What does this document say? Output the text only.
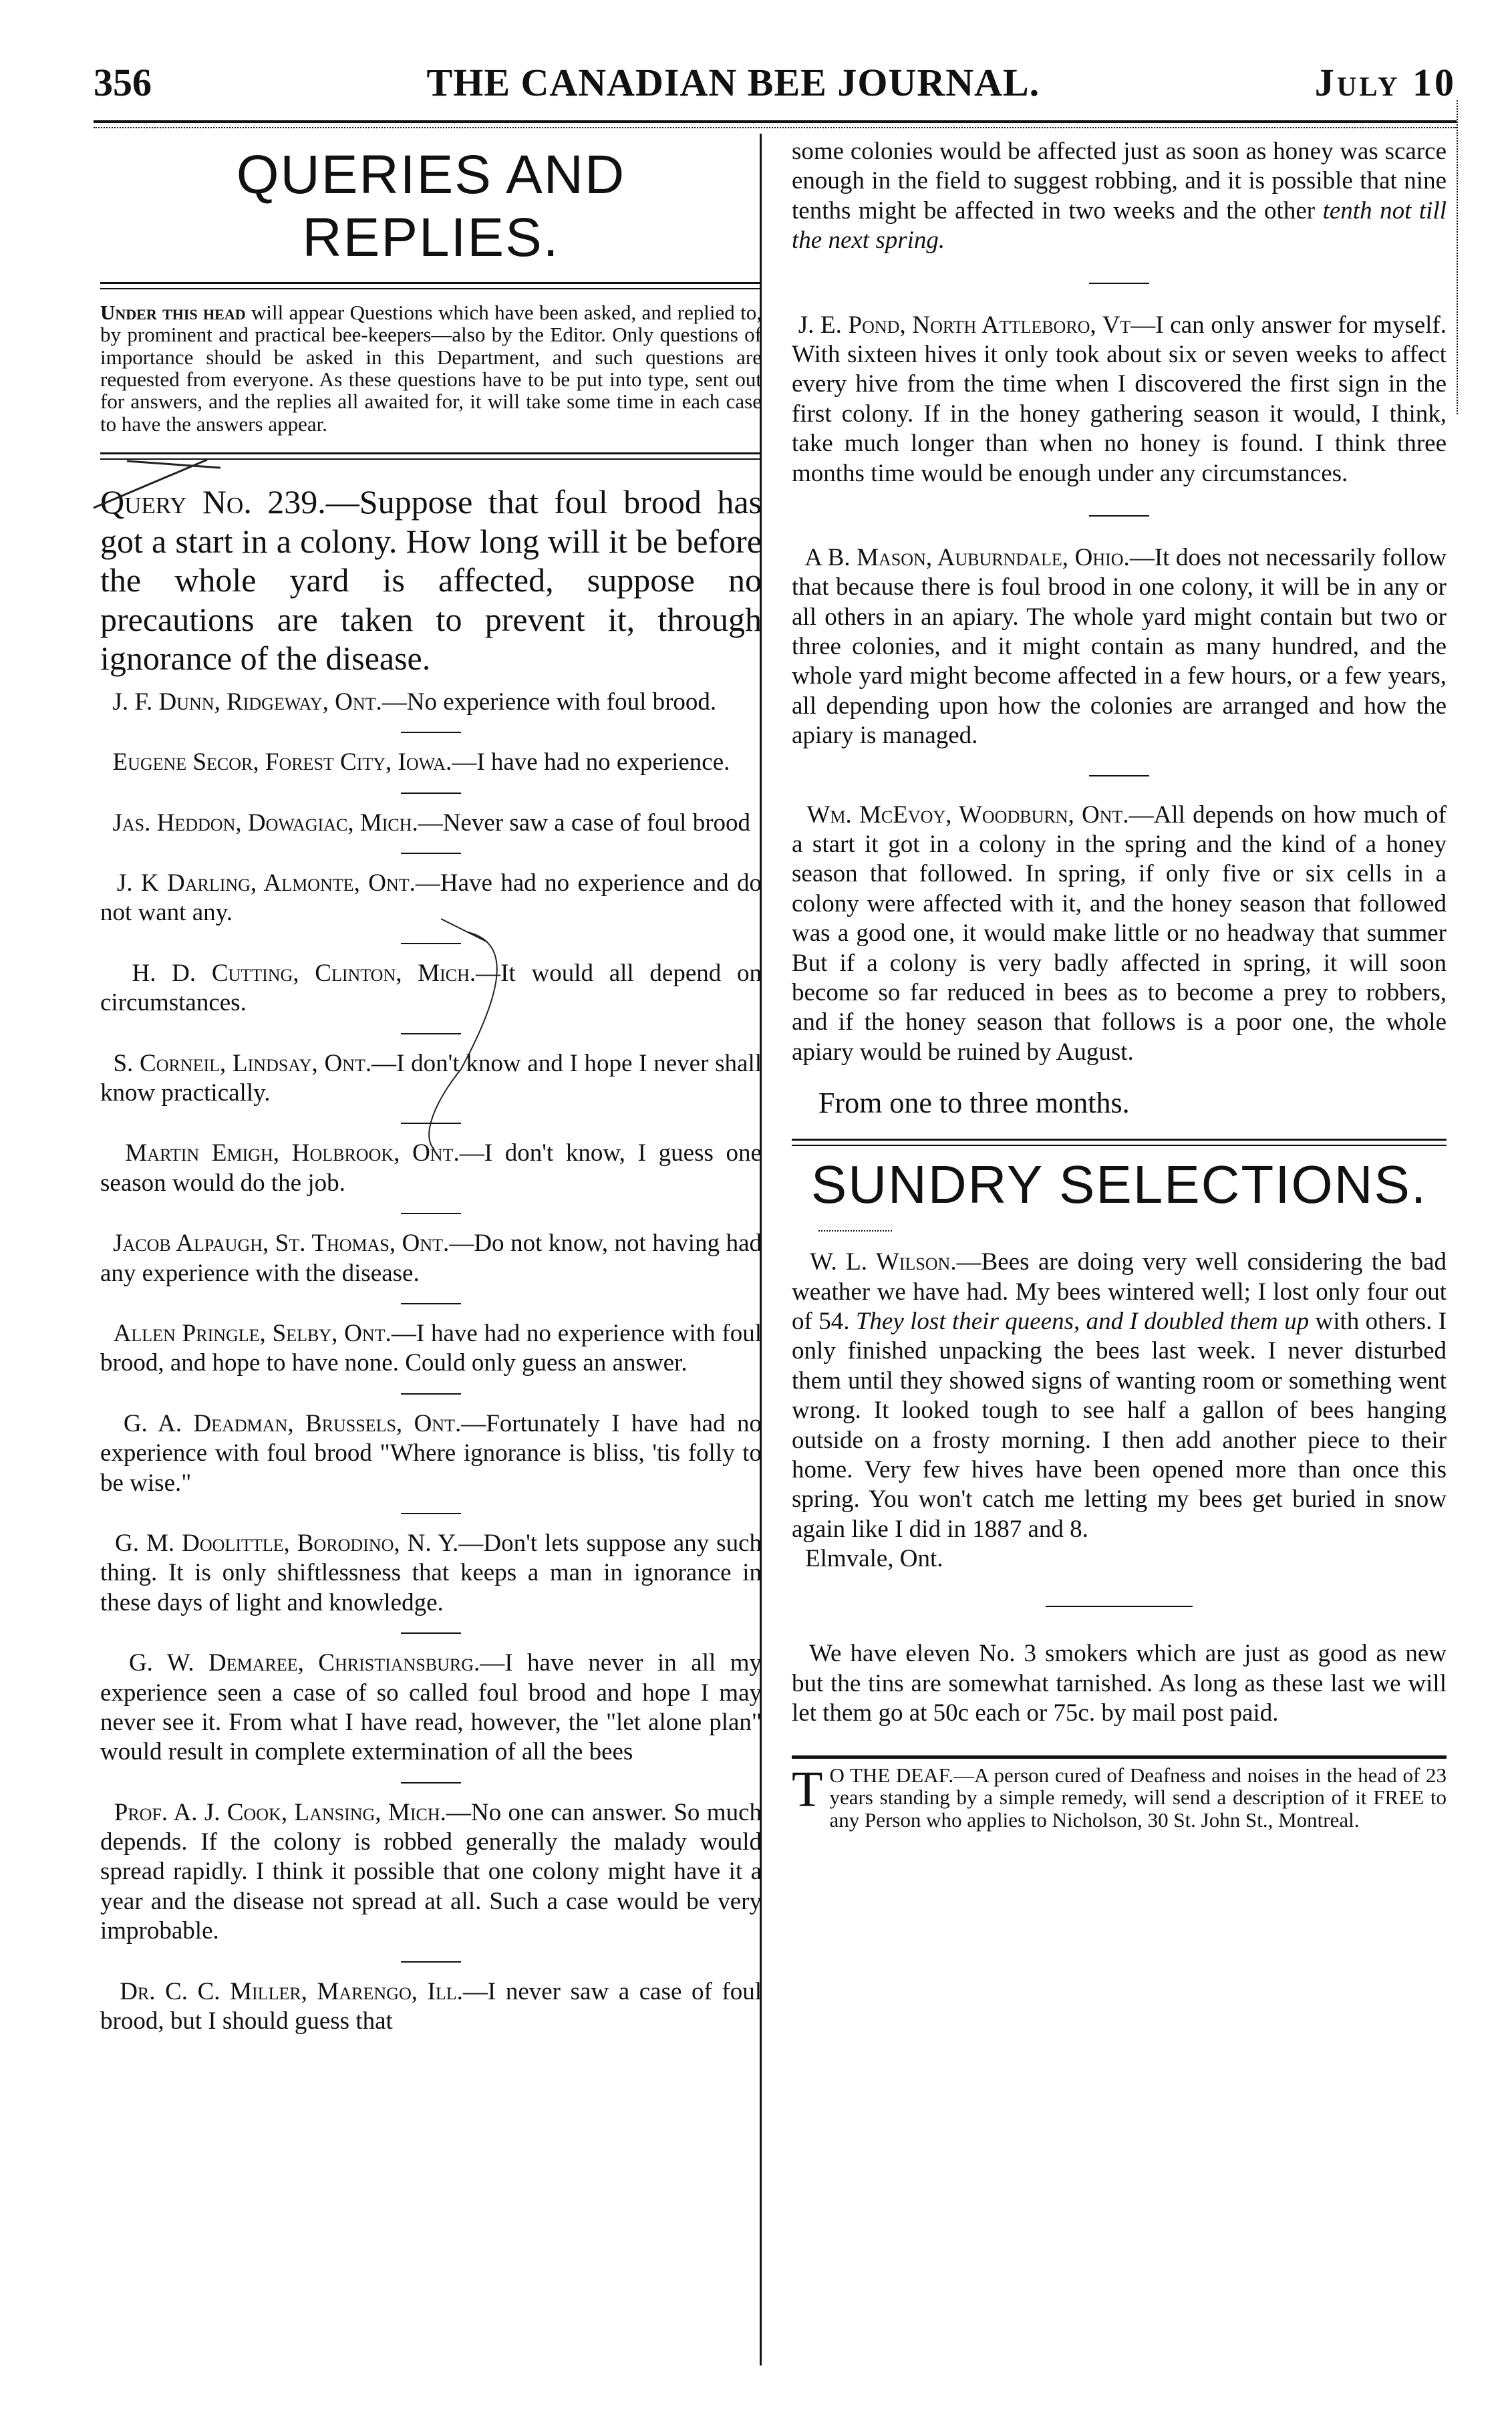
356	THE CANADIAN BEE JOURNAL.	July 10
QUERIES AND REPLIES.

Under this head will appear Questions which have been asked, and replied to, by prominent and practical bee-keepers—also by the Editor. Only questions of importance should be asked in this Department, and such questions are requested from everyone. As these questions have to be put into type, sent out for answers, and the replies all awaited for, it will take some time in each case to have the answers appear.

Query No. 239.—Suppose that foul brood has got a start in a colony. How long will it be before the whole yard is affected, suppose no precautions are taken to prevent it, through ignorance of the disease.

J. F. Dunn, Ridgeway, Ont.—No experience with foul brood.

Eugene Secor, Forest City, Iowa.—I have had no experience.

Jas. Heddon, Dowagiac, Mich.—Never saw a case of foul brood

J. K Darling, Almonte, Ont.—Have had no experience and do not want any.

H. D. Cutting, Clinton, Mich.—It would all depend on circumstances.

S. Corneil, Lindsay, Ont.—I don't know and I hope I never shall know practically.

Martin Emigh, Holbrook, Ont.—I don't know, I guess one season would do the job.

Jacob Alpaugh, St. Thomas, Ont.—Do not know, not having had any experience with the disease.

Allen Pringle, Selby, Ont.—I have had no experience with foul brood, and hope to have none. Could only guess an answer.

G. A. Deadman, Brussels, Ont.—Fortunately I have had no experience with foul brood "Where ignorance is bliss, 'tis folly to be wise."

G. M. Doolittle, Borodino, N. Y.—Don't lets suppose any such thing. It is only shiftlessness that keeps a man in ignorance in these days of light and knowledge.

G. W. Demaree, Christiansburg.—I have never in all my experience seen a case of so called foul brood and hope I may never see it. From what I have read, however, the "let alone plan" would result in complete extermination of all the bees

Prof. A. J. Cook, Lansing, Mich.—No one can answer. So much depends. If the colony is robbed generally the malady would spread rapidly. I think it possible that one colony might have it a year and the disease not spread at all. Such a case would be very improbable.

Dr. C. C. Miller, Marengo, Ill.—I never saw a case of foul brood, but I should guess that

some colonies would be affected just as soon as honey was scarce enough in the field to suggest robbing, and it is possible that nine tenths might be affected in two weeks and the other tenth not till the next spring.

J. E. Pond, North Attleboro, Vt—I can only answer for myself. With sixteen hives it only took about six or seven weeks to affect every hive from the time when I discovered the first sign in the first colony. If in the honey gathering season it would, I think, take much longer than when no honey is found. I think three months time would be enough under any circumstances.

A B. Mason, Auburndale, Ohio.—It does not necessarily follow that because there is foul brood in one colony, it will be in any or all others in an apiary. The whole yard might contain but two or three colonies, and it might contain as many hundred, and the whole yard might become affected in a few hours, or a few years, all depending upon how the colonies are arranged and how the apiary is managed.

Wm. McEvoy, Woodburn, Ont.—All depends on how much of a start it got in a colony in the spring and the kind of a honey season that followed. In spring, if only five or six cells in a colony were affected with it, and the honey season that followed was a good one, it would make little or no headway that summer But if a colony is very badly affected in spring, it will soon become so far reduced in bees as to become a prey to robbers, and if the honey season that follows is a poor one, the whole apiary would be ruined by August.

From one to three months.

SUNDRY SELECTIONS.

W. L. Wilson.—Bees are doing very well considering the bad weather we have had. My bees wintered well; I lost only four out of 54. They lost their queens, and I doubled them up with others. I only finished unpacking the bees last week. I never disturbed them until they showed signs of wanting room or something went wrong. It looked tough to see half a gallon of bees hanging outside on a frosty morning. I then add another piece to their home. Very few hives have been opened more than once this spring. You won't catch me letting my bees get buried in snow again like I did in 1887 and 8.

Elmvale, Ont.

We have eleven No. 3 smokers which are just as good as new but the tins are somewhat tarnished. As long as these last we will let them go at 50c each or 75c. by mail post paid.

T O THE DEAF.—A person cured of Deafness and noises in the head of 23 years standing by a simple remedy, will send a description of it FREE to any Person who applies to Nicholson, 30 St. John St., Montreal.
